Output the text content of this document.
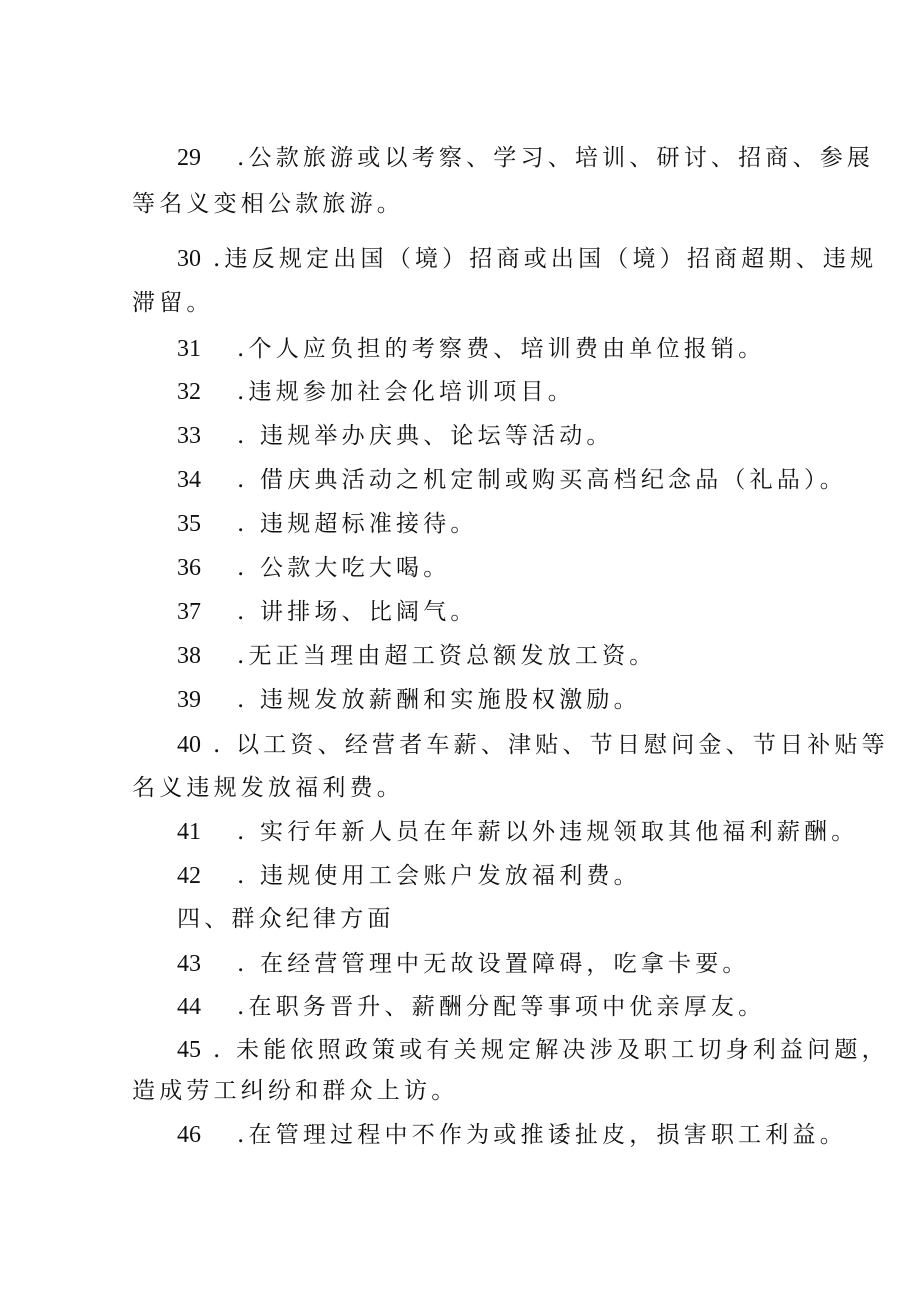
29 .公款旅游或以考察、学习、培训、研讨、招商、参展
等名义变相公款旅游。
30 .违反规定出国（境）招商或出国（境）招商超期、违规
滞留。
31 .个人应负担的考察费、培训费由单位报销。
32 .违规参加社会化培训项目。
33 . 违规举办庆典、论坛等活动。
34 . 借庆典活动之机定制或购买高档纪念品（礼品）。
35 . 违规超标准接待。
36 . 公款大吃大喝。
37 . 讲排场、比阔气。
38 .无正当理由超工资总额发放工资。
39 . 违规发放薪酬和实施股权激励。
40 . 以工资、经营者车薪、津贴、节日慰问金、节日补贴等
名义违规发放福利费。
41 . 实行年新人员在年薪以外违规领取其他福利薪酬。
42 . 违规使用工会账户发放福利费。
四、群众纪律方面
43 . 在经营管理中无故设置障碍，吃拿卡要。
44 .在职务晋升、薪酬分配等事项中优亲厚友。
45 . 未能依照政策或有关规定解决涉及职工切身利益问题，
造成劳工纠纷和群众上访。
46 .在管理过程中不作为或推诿扯皮，损害职工利益。
